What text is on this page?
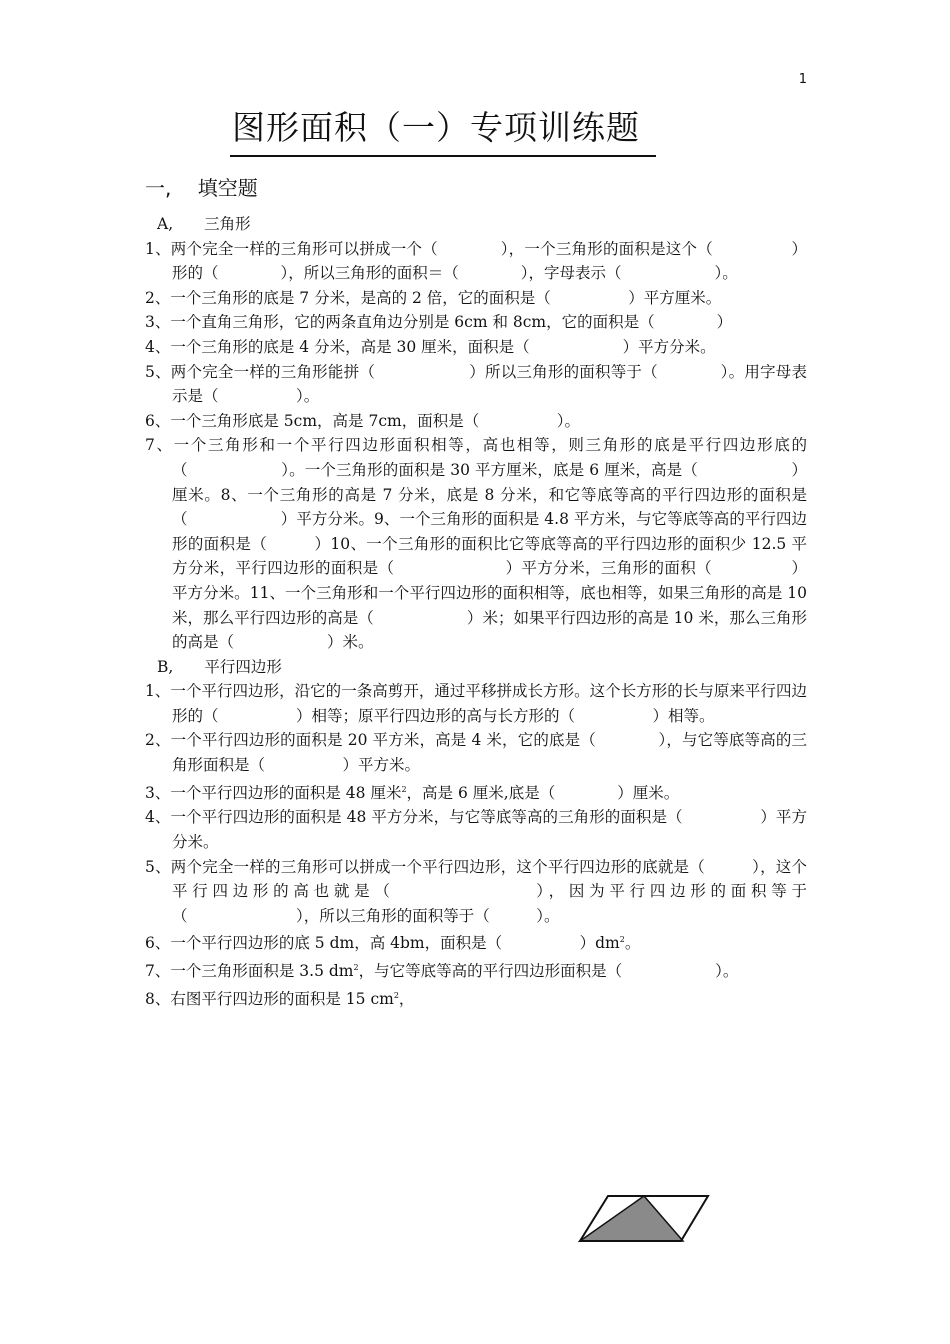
1
图形面积（一）专项训练题
一,　 填空题

A,　　三角形

1、两个完全一样的三角形可以拼成一个（　　　　），一个三角形的面积是这个（　　　　　）形的（　　　　），所以三角形的面积＝（　　　　），字母表示（　　　　　　）。

2、一个三角形的底是 7 分米，是高的 2 倍，它的面积是（　　　　　）平方厘米。

3、一个直角三角形，它的两条直角边分别是 6cm 和 8cm，它的面积是（　　　　）

4、一个三角形的底是 4 分米，高是 30 厘米，面积是（　　　　　　）平方分米。

5、两个完全一样的三角形能拼（　　　　　　）所以三角形的面积等于（　　　　）。用字母表示是（　　　　　）。

6、一个三角形底是 5cm，高是 7cm，面积是（　　　　　）。

7、一个三角形和一个平行四边形面积相等，高也相等，则三角形的底是平行四边形底的（　　　　　　）。一个三角形的面积是 30 平方厘米，底是 6 厘米，高是（　　　　　　）厘米。8、一个三角形的高是 7 分米，底是 8 分米，和它等底等高的平行四边形的面积是（　　　　　　）平方分米。9、一个三角形的面积是 4.8 平方米，与它等底等高的平行四边形的面积是（　　　）10、一个三角形的面积比它等底等高的平行四边形的面积少 12.5 平方分米，平行四边形的面积是（　　　　　　　）平方分米，三角形的面积（　　　　　）平方分米。11、一个三角形和一个平行四边形的面积相等，底也相等，如果三角形的高是 10 米，那么平行四边形的高是（　　　　　　）米；如果平行四边形的高是 10 米，那么三角形的高是（　　　　　　）米。

B,　　平行四边形

1、一个平行四边形，沿它的一条高剪开，通过平移拼成长方形。这个长方形的长与原来平行四边形的（　　　　　）相等；原平行四边形的高与长方形的（　　　　　）相等。

2、一个平行四边形的面积是 20 平方米，高是 4 米，它的底是（　　　　），与它等底等高的三角形面积是（　　　　　）平方米。

3、一个平行四边形的面积是 48 厘米$^2$，高是 6 厘米,底是（　　　　）厘米。

4、一个平行四边形的面积是 48 平方分米，与它等底等高的三角形的面积是（　　　　　）平方分米。

5、两个完全一样的三角形可以拼成一个平行四边形，这个平行四边形的底就是（　　　），这个平行四边形的高也就是（　　　　　　　），因为平行四边形的面积等于（　　　　　　　），所以三角形的面积等于（　　　）。

6、一个平行四边形的底 5 dm，高 4bm，面积是（　　　　　）$dm^2$。

7、一个三角形面积是 3.5 $dm^2$，与它等底等高的平行四边形面积是（　　　　　　）。

8、右图平行四边形的面积是 15 $cm^2$，
